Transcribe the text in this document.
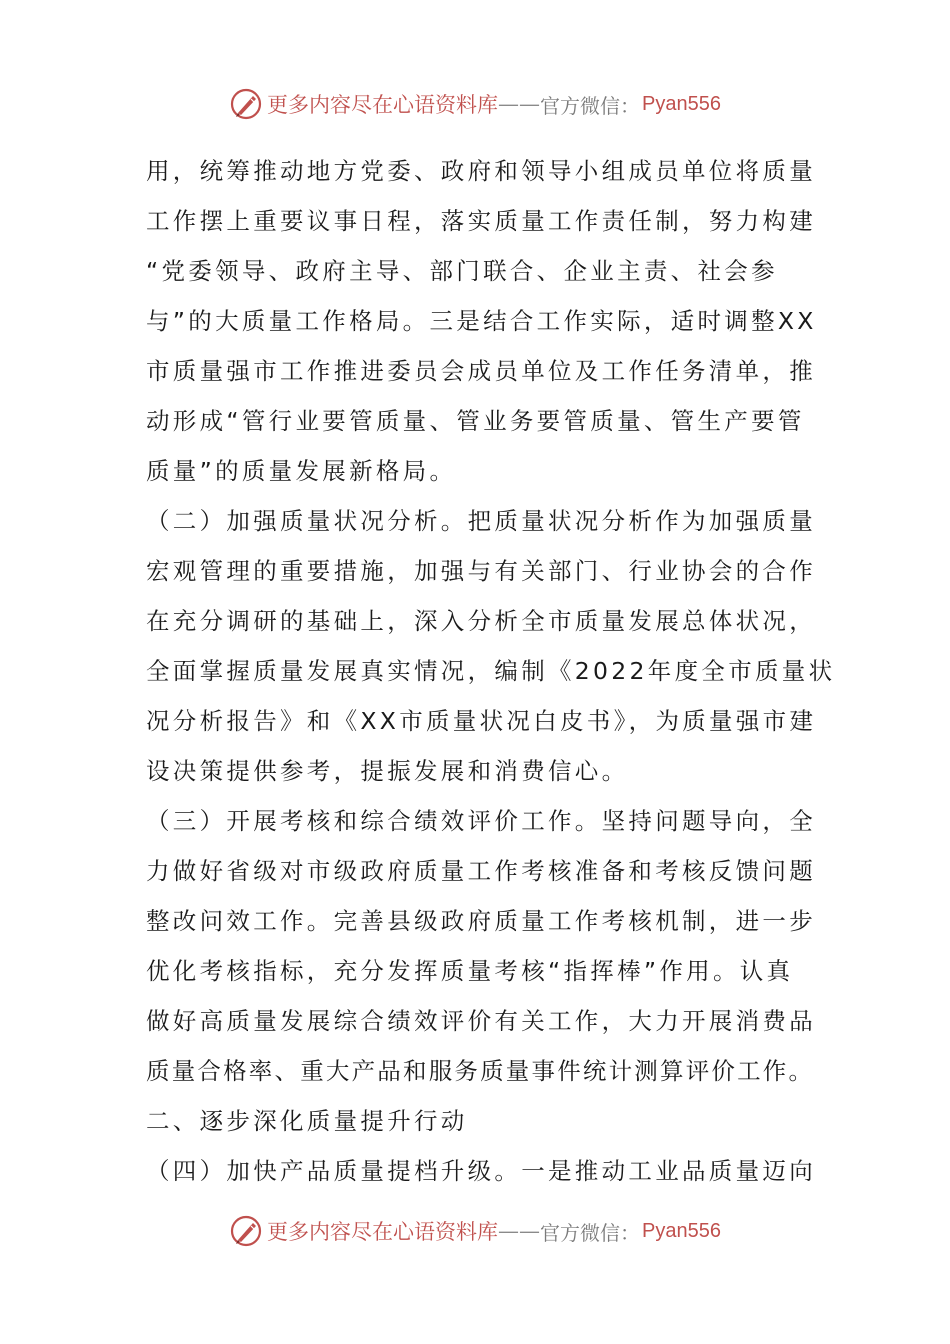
更多内容尽在心语资料库 —— 官方微信： Pyan556
用，统筹推动地方党委、政府和领导小组成员单位将质量
工作摆上重要议事日程，落实质量工作责任制，努力构建
“党委领导、政府主导、部门联合、企业主责、社会参
与”的大质量工作格局。三是结合工作实际，适时调整XX
市质量强市工作推进委员会成员单位及工作任务清单，推
动形成“管行业要管质量、管业务要管质量、管生产要管
质量”的质量发展新格局。
（二）加强质量状况分析。把质量状况分析作为加强质量
宏观管理的重要措施，加强与有关部门、行业协会的合作
在充分调研的基础上，深入分析全市质量发展总体状况，
全面掌握质量发展真实情况，编制《2022年度全市质量状
况分析报告》和《XX市质量状况白皮书》，为质量强市建
设决策提供参考，提振发展和消费信心。
（三）开展考核和综合绩效评价工作。坚持问题导向，全
力做好省级对市级政府质量工作考核准备和考核反馈问题
整改问效工作。完善县级政府质量工作考核机制，进一步
优化考核指标，充分发挥质量考核“指挥棒”作用。认真
做好高质量发展综合绩效评价有关工作，大力开展消费品
质量合格率、重大产品和服务质量事件统计测算评价工作。
二、逐步深化质量提升行动
（四）加快产品质量提档升级。一是推动工业品质量迈向
更多内容尽在心语资料库 —— 官方微信： Pyan556
